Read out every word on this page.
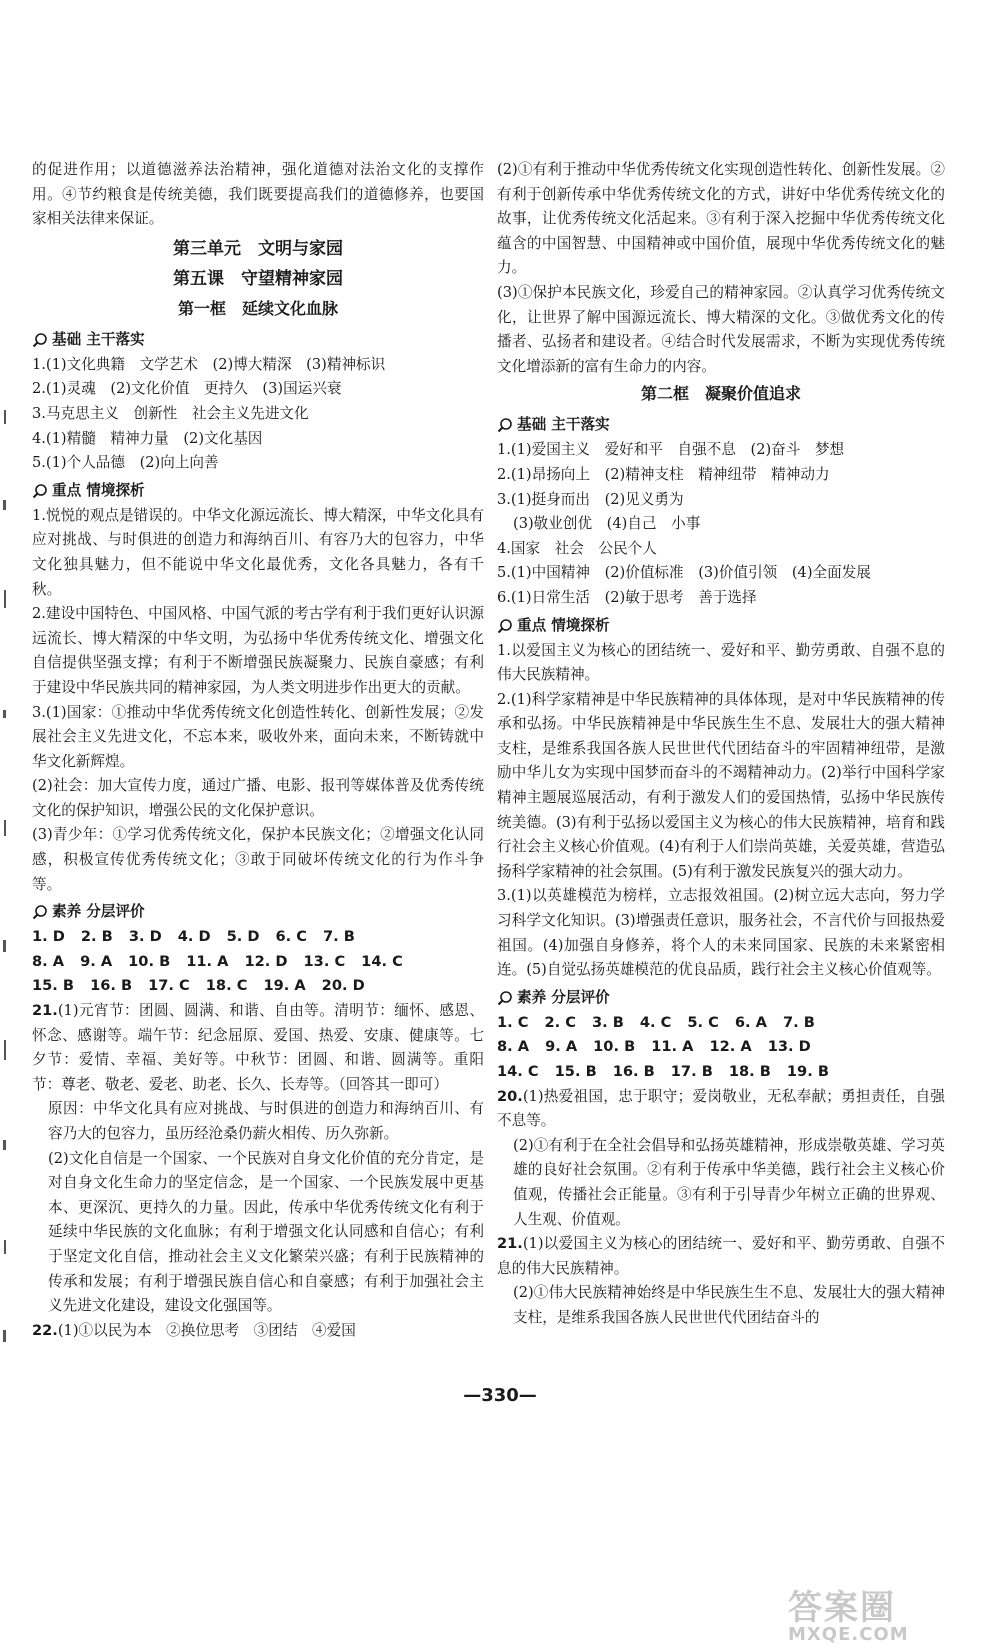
的促进作用；以道德滋养法治精神，强化道德对法治文化的支撑作用。④节约粮食是传统美德，我们既要提高我们的道德修养，也要国家相关法律来保证。

第三单元　文明与家园
第五课　守望精神家园
第一框　延续文化血脉
基础 主干落实

1.(1)文化典籍　文学艺术　(2)博大精深　(3)精神标识

2.(1)灵魂　(2)文化价值　更持久　(3)国运兴衰

3.马克思主义　创新性　社会主义先进文化

4.(1)精髓　精神力量　(2)文化基因

5.(1)个人品德　(2)向上向善

重点 情境探析

1.悦悦的观点是错误的。中华文化源远流长、博大精深，中华文化具有应对挑战、与时俱进的创造力和海纳百川、有容乃大的包容力，中华文化独具魅力，但不能说中华文化最优秀，文化各具魅力，各有千秋。

2.建设中国特色、中国风格、中国气派的考古学有利于我们更好认识源远流长、博大精深的中华文明，为弘扬中华优秀传统文化、增强文化自信提供坚强支撑；有利于不断增强民族凝聚力、民族自豪感；有利于建设中华民族共同的精神家园，为人类文明进步作出更大的贡献。

3.(1)国家：①推动中华优秀传统文化创造性转化、创新性发展；②发展社会主义先进文化，不忘本来，吸收外来，面向未来，不断铸就中华文化新辉煌。

(2)社会：加大宣传力度，通过广播、电影、报刊等媒体普及优秀传统文化的保护知识，增强公民的文化保护意识。

(3)青少年：①学习优秀传统文化，保护本民族文化；②增强文化认同感，积极宣传优秀传统文化；③敢于同破坏传统文化的行为作斗争等。

素养 分层评价

1. D 2. B 3. D 4. D 5. D 6. C 7. B

8. A 9. A 10. B 11. A 12. D 13. C 14. C

15. B 16. B 17. C 18. C 19. A 20. D

21.(1)元宵节：团圆、圆满、和谐、自由等。清明节：缅怀、感恩、怀念、感谢等。端午节：纪念屈原、爱国、热爱、安康、健康等。七夕节：爱情、幸福、美好等。中秋节：团圆、和谐、圆满等。重阳节：尊老、敬老、爱老、助老、长久、长寿等。（回答其一即可）

原因：中华文化具有应对挑战、与时俱进的创造力和海纳百川、有容乃大的包容力，虽历经沧桑仍薪火相传、历久弥新。

(2)文化自信是一个国家、一个民族对自身文化价值的充分肯定，是对自身文化生命力的坚定信念，是一个国家、一个民族发展中更基本、更深沉、更持久的力量。因此，传承中华优秀传统文化有利于延续中华民族的文化血脉；有利于增强文化认同感和自信心；有利于坚定文化自信，推动社会主义文化繁荣兴盛；有利于民族精神的传承和发展；有利于增强民族自信心和自豪感；有利于加强社会主义先进文化建设，建设文化强国等。

22.(1)①以民为本　②换位思考　③团结　④爱国

(2)①有利于推动中华优秀传统文化实现创造性转化、创新性发展。②有利于创新传承中华优秀传统文化的方式，讲好中华优秀传统文化的故事，让优秀传统文化活起来。③有利于深入挖掘中华优秀传统文化蕴含的中国智慧、中国精神或中国价值，展现中华优秀传统文化的魅力。

(3)①保护本民族文化，珍爱自己的精神家园。②认真学习优秀传统文化，让世界了解中国源远流长、博大精深的文化。③做优秀文化的传播者、弘扬者和建设者。④结合时代发展需求，不断为实现优秀传统文化增添新的富有生命力的内容。

第二框　凝聚价值追求
基础 主干落实

1.(1)爱国主义　爱好和平　自强不息　(2)奋斗　梦想

2.(1)昂扬向上　(2)精神支柱　精神纽带　精神动力

3.(1)挺身而出　(2)见义勇为

(3)敬业创优　(4)自己　小事

4.国家　社会　公民个人

5.(1)中国精神　(2)价值标准　(3)价值引领　(4)全面发展

6.(1)日常生活　(2)敏于思考　善于选择

重点 情境探析

1.以爱国主义为核心的团结统一、爱好和平、勤劳勇敢、自强不息的伟大民族精神。

2.(1)科学家精神是中华民族精神的具体体现，是对中华民族精神的传承和弘扬。中华民族精神是中华民族生生不息、发展壮大的强大精神支柱，是维系我国各族人民世世代代团结奋斗的牢固精神纽带，是激励中华儿女为实现中国梦而奋斗的不竭精神动力。(2)举行中国科学家精神主题展巡展活动，有利于激发人们的爱国热情，弘扬中华民族传统美德。(3)有利于弘扬以爱国主义为核心的伟大民族精神，培育和践行社会主义核心价值观。(4)有利于人们崇尚英雄，关爱英雄，营造弘扬科学家精神的社会氛围。(5)有利于激发民族复兴的强大动力。

3.(1)以英雄模范为榜样，立志报效祖国。(2)树立远大志向，努力学习科学文化知识。(3)增强责任意识，服务社会，不言代价与回报热爱祖国。(4)加强自身修养，将个人的未来同国家、民族的未来紧密相连。(5)自觉弘扬英雄模范的优良品质，践行社会主义核心价值观等。

素养 分层评价

1. C 2. C 3. B 4. C 5. C 6. A 7. B

8. A 9. A 10. B 11. A 12. A 13. D

14. C 15. B 16. B 17. B 18. B 19. B

20.(1)热爱祖国，忠于职守；爱岗敬业，无私奉献；勇担责任，自强不息等。

(2)①有利于在全社会倡导和弘扬英雄精神，形成崇敬英雄、学习英雄的良好社会氛围。②有利于传承中华美德，践行社会主义核心价值观，传播社会正能量。③有利于引导青少年树立正确的世界观、人生观、价值观。

21.(1)以爱国主义为核心的团结统一、爱好和平、勤劳勇敢、自强不息的伟大民族精神。

(2)①伟大民族精神始终是中华民族生生不息、发展壮大的强大精神支柱，是维系我国各族人民世世代代团结奋斗的

—330—
答案圈
MXQE.COM
